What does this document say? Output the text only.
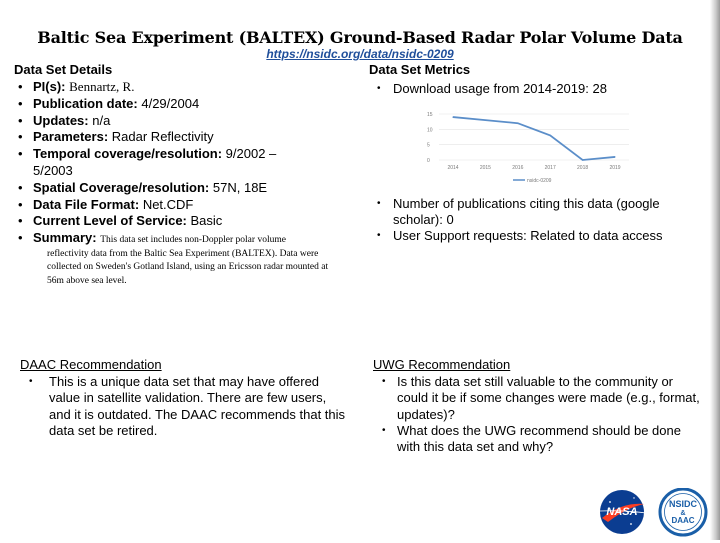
Baltic Sea Experiment (BALTEX) Ground-Based Radar Polar Volume Data
https://nsidc.org/data/nsidc-0209
Data Set Details
• PI(s): Bennartz, R.
• Publication date: 4/29/2004
• Updates: n/a
• Parameters: Radar Reflectivity
• Temporal coverage/resolution: 9/2002 –
5/2003
• Spatial Coverage/resolution: 57N, 18E
• Data File Format: Net.CDF
• Current Level of Service: Basic
• Summary: This data set includes non-Doppler polar volume
reflectivity data from the Baltic Sea Experiment (BALTEX). Data were collected on Sweden's Gotland Island, using an Ericsson radar mounted at 56m above sea level.
Data Set Metrics
• Download usage from 2014-2019: 28
• Number of publications citing this data (google scholar): 0
• User Support requests: Related to data access
15
10
5
0
2014	2015	2016	2017	2018	2019
nsidc-0209
DAAC Recommendation
• This is a unique data set that may have offered value in satellite validation. There are few users, and it is outdated. The DAAC recommends that this data set be retired.
UWG Recommendation
• Is this data set still valuable to the community or could it be if some changes were made (e.g., format, updates)?
• What does the UWG recommend should be done with this data set and why?
NASA
NSIDC
&
DAAC
